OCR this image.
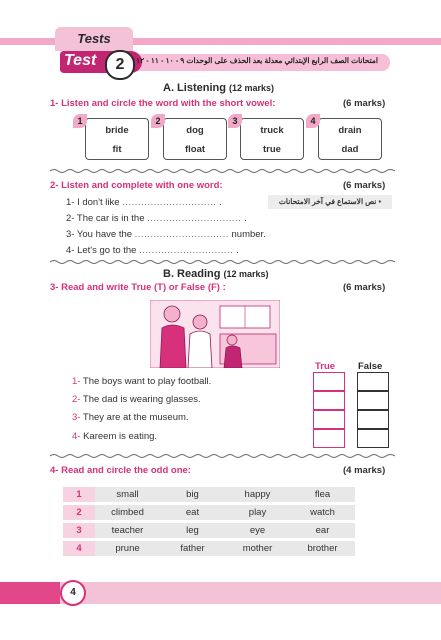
Tests
Test	2	امتحانات الصف الرابع الإبتدائي معدلة بعد الحذف على الوحدات ٩ - ١٠ - ١١ - ١٢
A. Listening (12 marks)
1- Listen and circle the word with the short vowel:	(6 marks)
bride
fit
1
dog
float
2
truck
true
3
drain
dad
4
2- Listen and complete with one word:	(6 marks)
• نص الاستماع في آخر الامتحانات
1- I don't like .............................. .
2- The car is in the .............................. .
3- You have the .............................. number.
4- Let's go to the .............................. .
B. Reading (12 marks)
3- Read and write True (T) or False (F) :	(6 marks)
True False
1- The boys want to play football.
2- The dad is wearing glasses.
3- They are at the museum.
4- Kareem is eating.
4- Read and circle the odd one:	(4 marks)
1	small	big	happy	flea
2	climbed	eat	play	watch
3	teacher	leg	eye	ear
4	prune	father	mother	brother
4
